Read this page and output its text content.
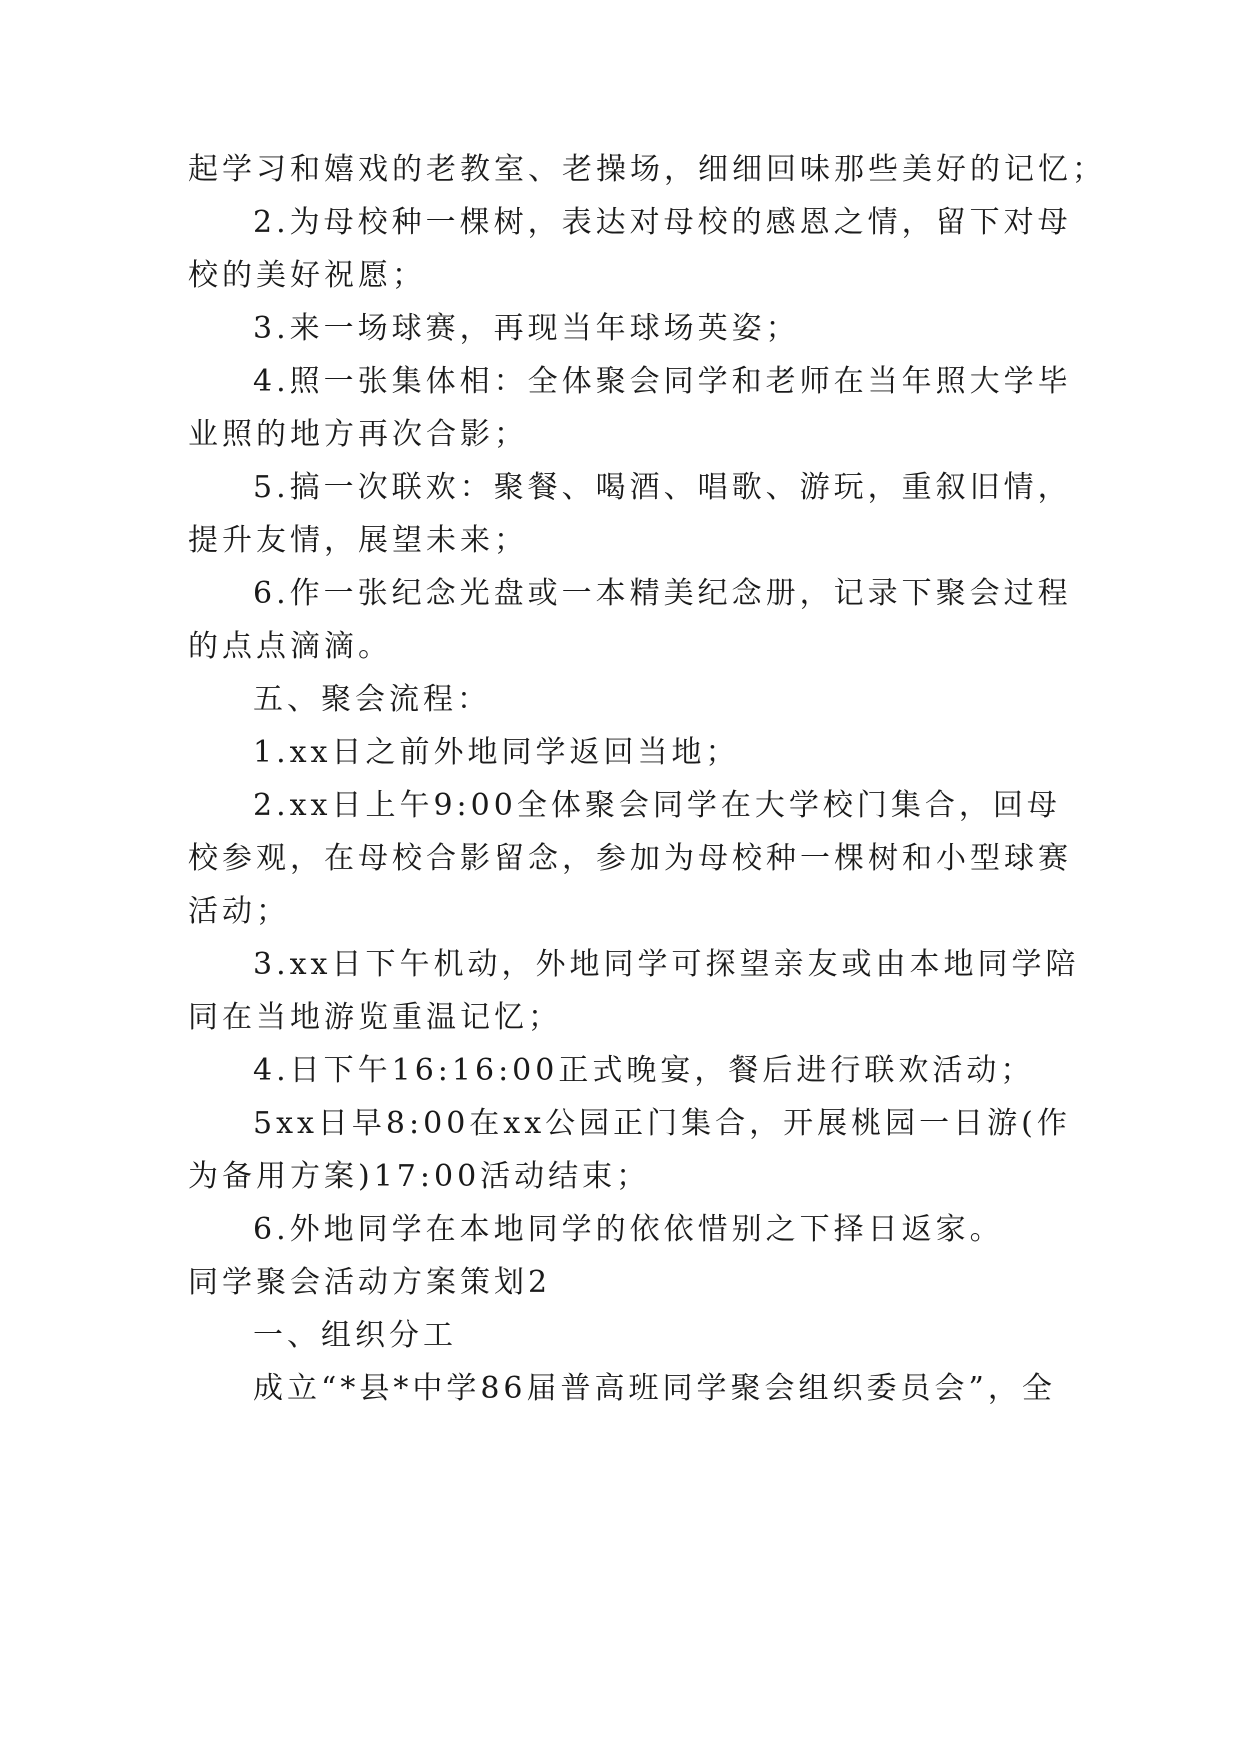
起学习和嬉戏的老教室、老操场，细细回味那些美好的记忆；
2.为母校种一棵树，表达对母校的感恩之情，留下对母
校的美好祝愿；
3.来一场球赛，再现当年球场英姿；
4.照一张集体相：全体聚会同学和老师在当年照大学毕
业照的地方再次合影；
5.搞一次联欢：聚餐、喝酒、唱歌、游玩，重叙旧情，
提升友情，展望未来；
6.作一张纪念光盘或一本精美纪念册，记录下聚会过程
的点点滴滴。
五、聚会流程：
1.xx日之前外地同学返回当地；
2.xx日上午9:00全体聚会同学在大学校门集合，回母
校参观，在母校合影留念，参加为母校种一棵树和小型球赛
活动；
3.xx日下午机动，外地同学可探望亲友或由本地同学陪
同在当地游览重温记忆；
4.日下午16:16:00正式晚宴，餐后进行联欢活动；
5xx日早8:00在xx公园正门集合，开展桃园一日游(作
为备用方案)17:00活动结束；
6.外地同学在本地同学的依依惜别之下择日返家。
同学聚会活动方案策划2
一、组织分工
成立“*县*中学86届普高班同学聚会组织委员会”，全
